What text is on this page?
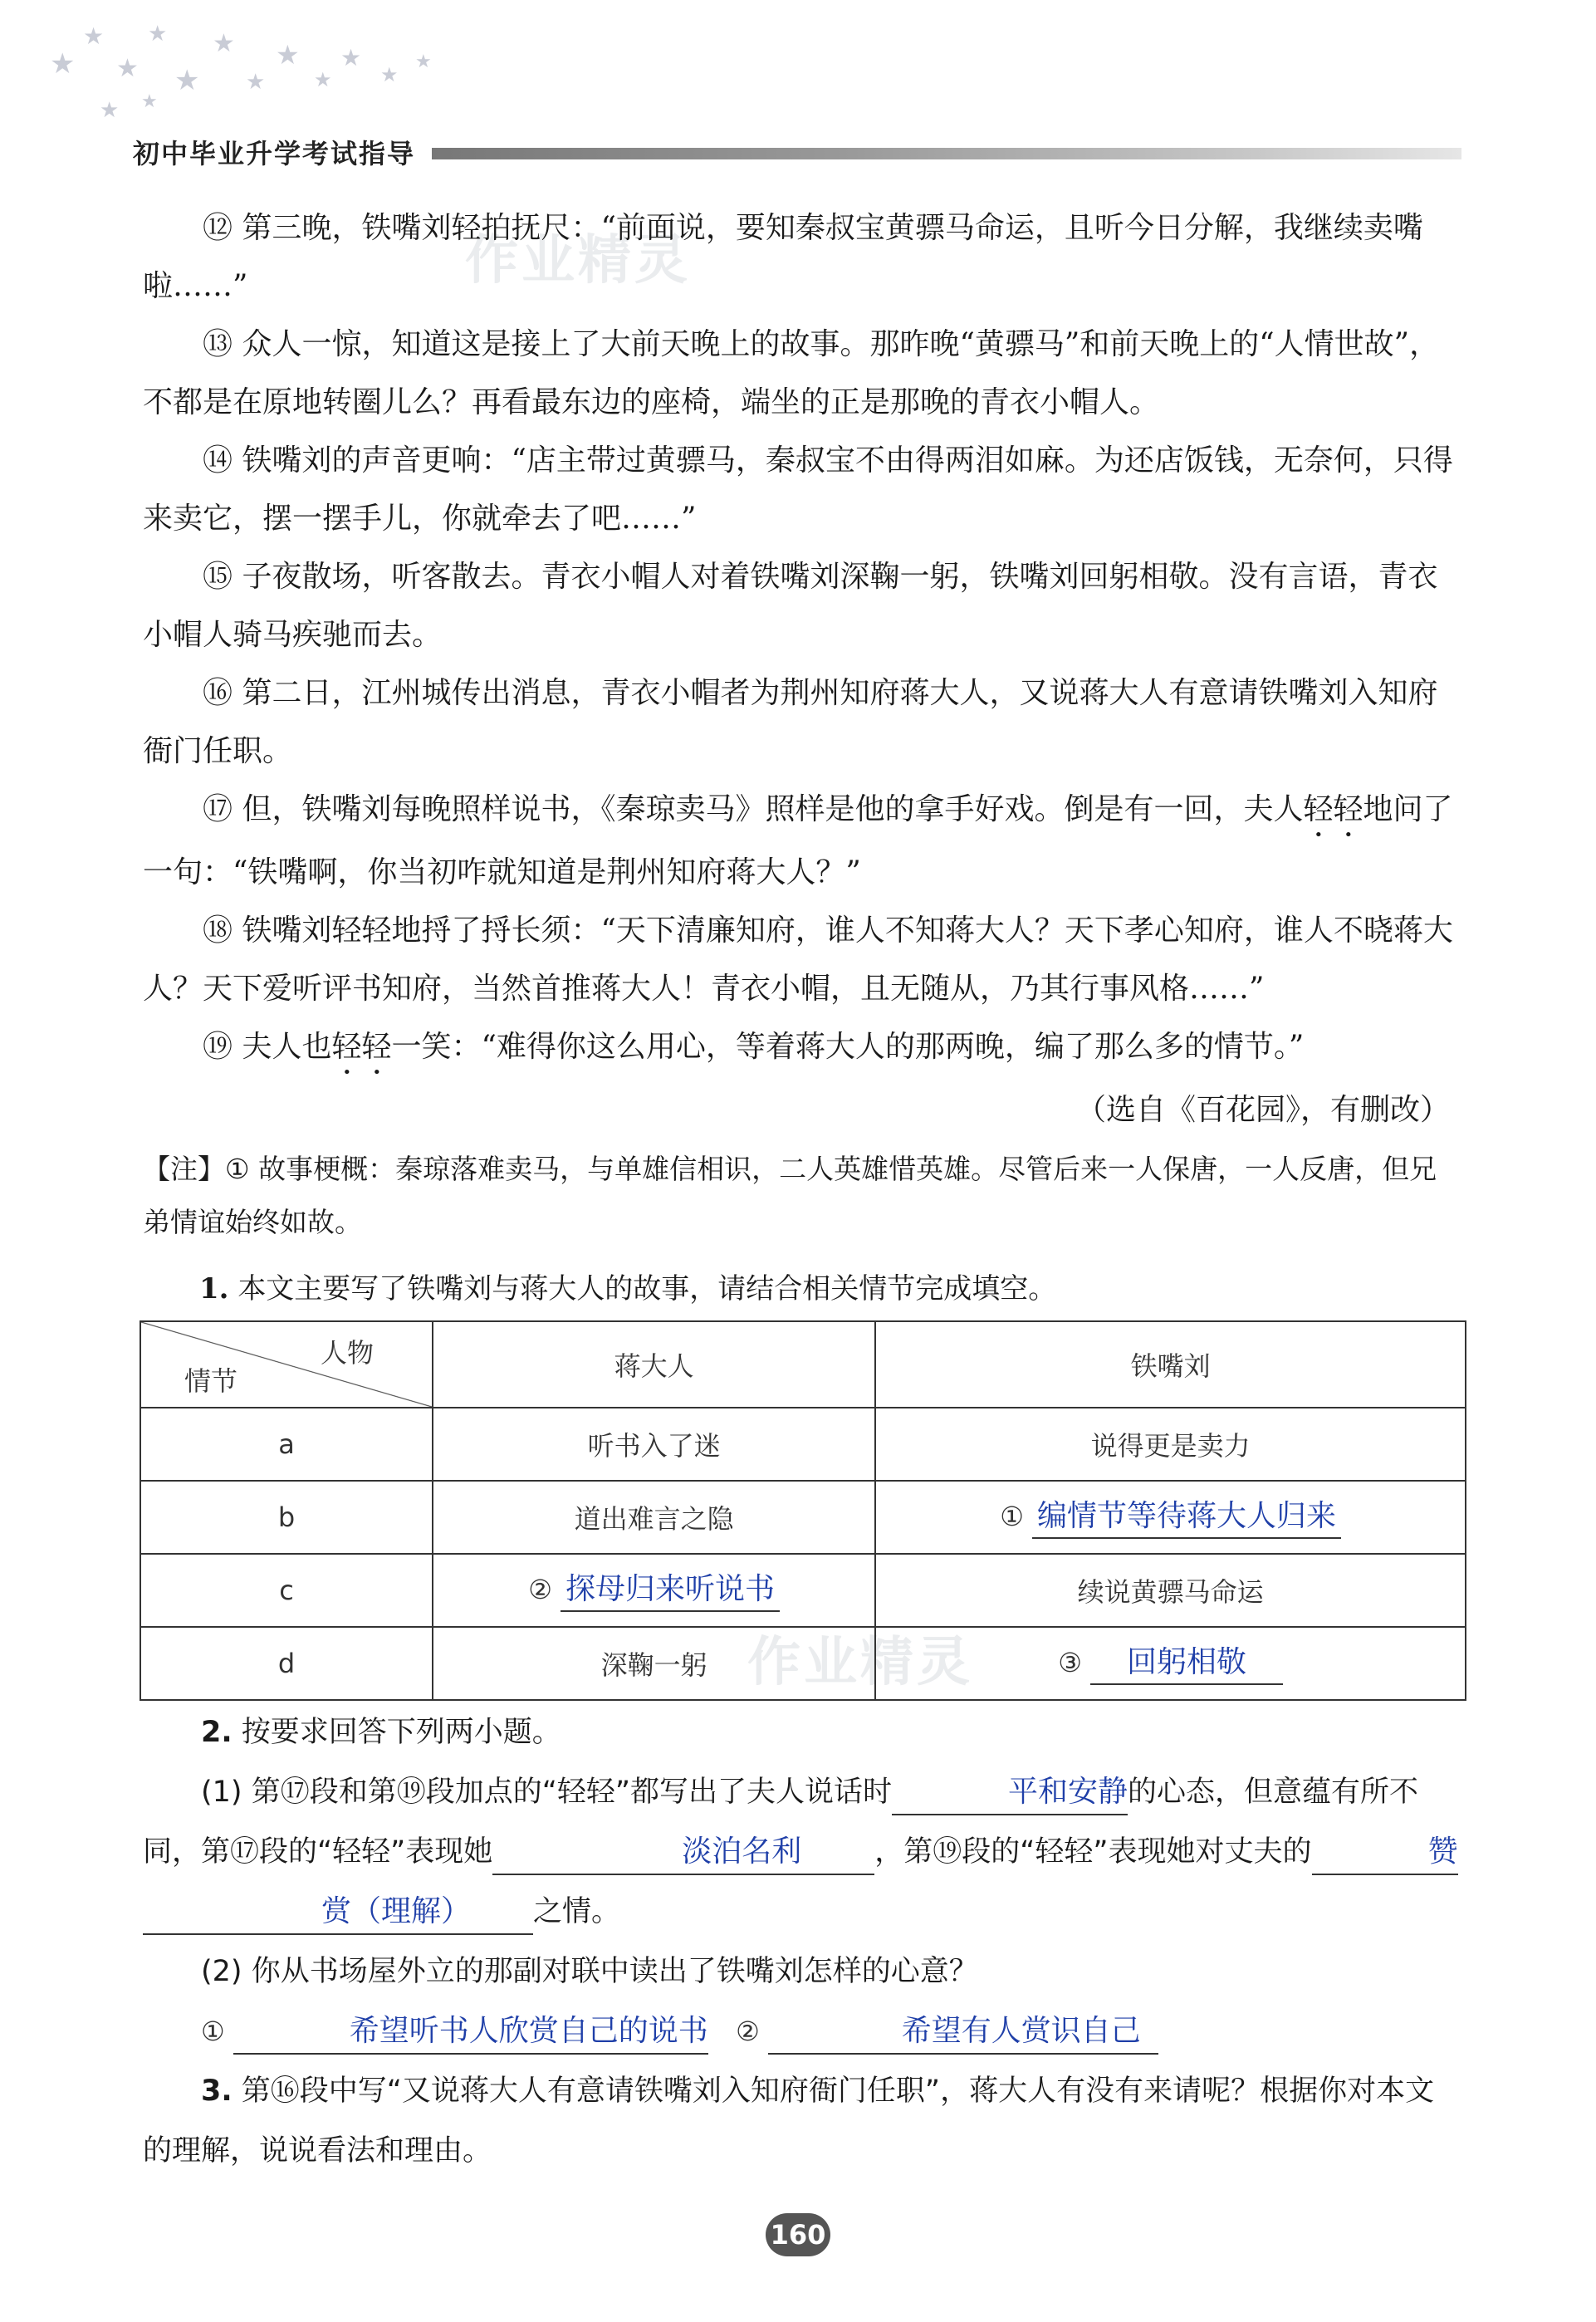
★
★
★
★
★
★
★
★
★
★
★
★
★ ★
初中毕业升学考试指导
作业精灵
作业精灵

⑫ 第三晚，铁嘴刘轻拍抚尺：“前面说，要知秦叔宝黄骠马命运，且听今日分解，我继续卖嘴啦……”

⑬ 众人一惊，知道这是接上了大前天晚上的故事。那昨晚“黄骠马”和前天晚上的“人情世故”，不都是在原地转圈儿么？再看最东边的座椅，端坐的正是那晚的青衣小帽人。

⑭ 铁嘴刘的声音更响：“店主带过黄骠马，秦叔宝不由得两泪如麻。为还店饭钱，无奈何，只得来卖它，摆一摆手儿，你就牵去了吧……”

⑮ 子夜散场，听客散去。青衣小帽人对着铁嘴刘深鞠一躬，铁嘴刘回躬相敬。没有言语，青衣小帽人骑马疾驰而去。

⑯ 第二日，江州城传出消息，青衣小帽者为荆州知府蒋大人，又说蒋大人有意请铁嘴刘入知府衙门任职。

⑰ 但，铁嘴刘每晚照样说书，《秦琼卖马》照样是他的拿手好戏。倒是有一回，夫人轻轻地问了一句：“铁嘴啊，你当初咋就知道是荆州知府蒋大人？”

⑱ 铁嘴刘轻轻地捋了捋长须：“天下清廉知府，谁人不知蒋大人？天下孝心知府，谁人不晓蒋大人？天下爱听评书知府，当然首推蒋大人！青衣小帽，且无随从，乃其行事风格……”

⑲ 夫人也轻轻一笑：“难得你这么用心，等着蒋大人的那两晚，编了那么多的情节。”

（选自《百花园》，有删改）

【注】① 故事梗概：秦琼落难卖马，与单雄信相识，二人英雄惜英雄。尽管后来一人保唐，一人反唐，但兄弟情谊始终如故。

1. 本文主要写了铁嘴刘与蒋大人的故事，请结合相关情节完成填空。

人物
情节	蒋大人	铁嘴刘
a	听书入了迷	说得更是卖力
b	道出难言之隐	① 编情节等待蒋大人归来
c	② 探母归来听说书	续说黄骠马命运
d	深鞠一躬	③ 回躬相敬

2. 按要求回答下列两小题。

(1) 第⑰段和第⑲段加点的“轻轻”都写出了夫人说话时	平和安静的心态，但意蕴有所不同，第⑰段的“轻轻”表现她	淡泊名利	，第⑲段的“轻轻”表现她对丈夫的	赞
赏（理解） 之情。

(2) 你从书场屋外立的那副对联中读出了铁嘴刘怎样的心意？

①	希望听书人欣赏自己的说书 ②	希望有人赏识自己

3. 第⑯段中写“又说蒋大人有意请铁嘴刘入知府衙门任职”，蒋大人有没有来请呢？根据你对本文的理解，说说看法和理由。

160
